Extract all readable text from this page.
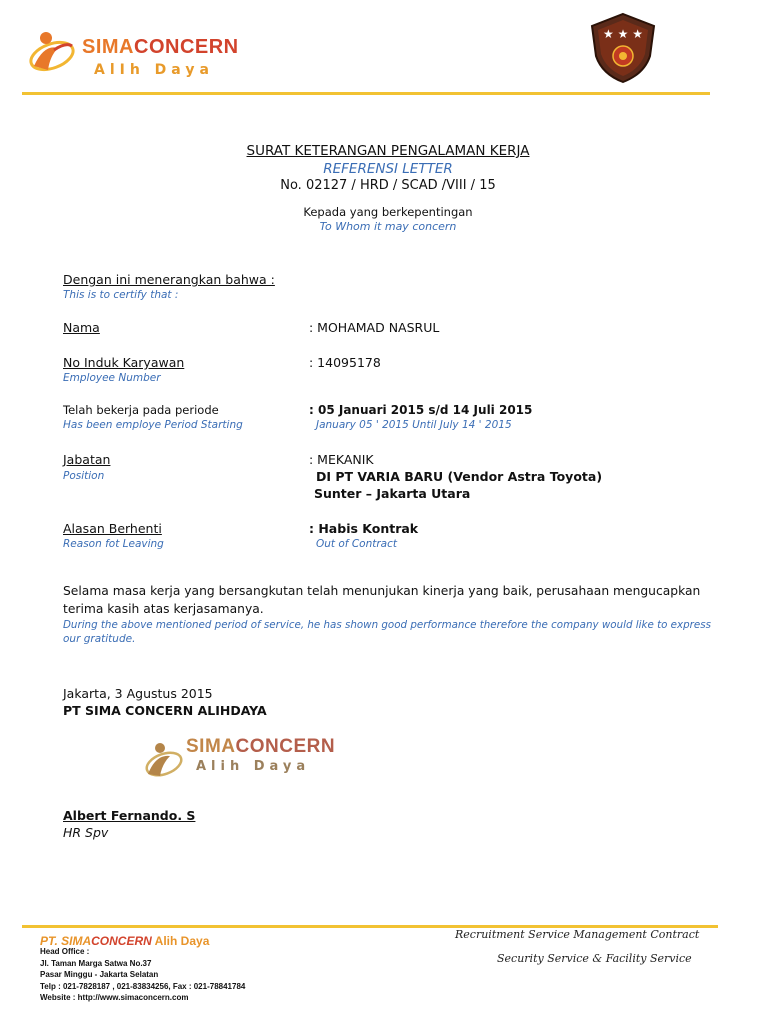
SIMACONCERN
AlIh Daya
★ ★ ★
SURAT KETERANGAN PENGALAMAN KERJA
REFERENSI LETTER
No. 02127 / HRD / SCAD /VIII / 15
Kepada yang berkepentingan
To Whom it may concern
Dengan ini menerangkan bahwa :
This is to certify that :
Nama	: MOHAMAD NASRUL
No Induk Karyawan
Employee Number
: 14095178
Telah bekerja pada periode
Has been employe Period Starting
: 05 Januari 2015 s/d 14 Juli 2015
January 05 ' 2015 Until July 14 ' 2015
Jabatan
Position
: MEKANIK
DI PT VARIA BARU (Vendor Astra Toyota)
Sunter – Jakarta Utara
Alasan Berhenti
Reason fot Leaving
: Habis Kontrak
Out of Contract
Selama masa kerja yang bersangkutan telah menunjukan kinerja yang baik, perusahaan mengucapkan
terima kasih atas kerjasamanya.
During the above mentioned period of service, he has shown good performance therefore the company would like to express
our gratitude.
Jakarta, 3 Agustus 2015
PT SIMA CONCERN ALIHDAYA
SIMACONCERN
Alih Daya
Albert Fernando. S
HR Spv
PT. SIMACONCERN Alih Daya
Head Office :
Jl. Taman Marga Satwa No.37
Pasar Minggu - Jakarta Selatan
Telp : 021-7828187 , 021-83834256, Fax : 021-78841784
Website : http://www.simaconcern.com
Recruitment Service Management Contract
Security Service & Facility Service
